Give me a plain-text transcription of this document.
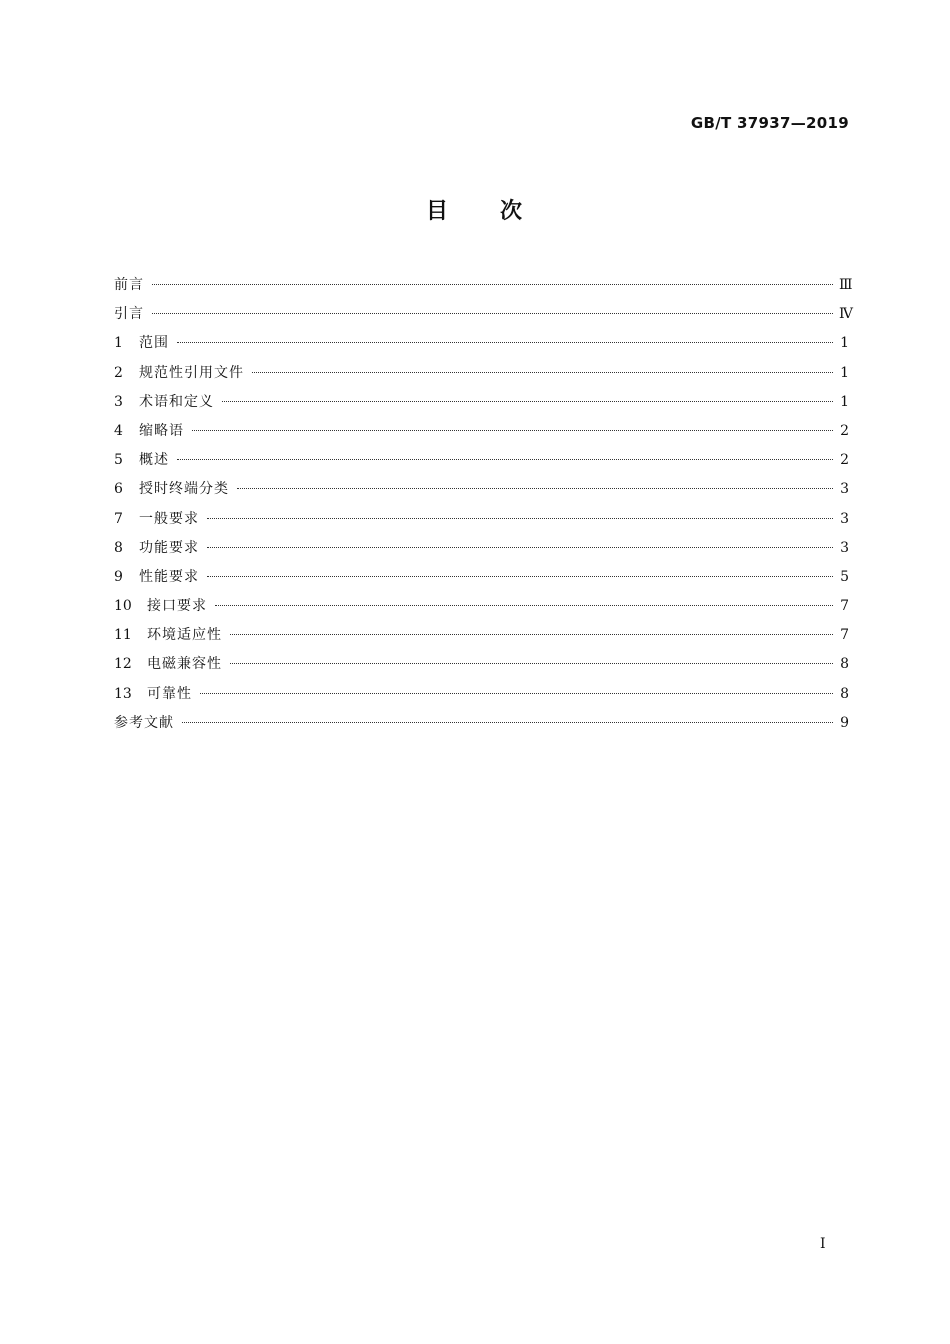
GB/T 37937—2019
目 次
前言	Ⅲ
引言	Ⅳ
1	范围	1
2	规范性引用文件	1
3	术语和定义	1
4	缩略语	2
5	概述	2
6	授时终端分类	3
7	一般要求	3
8	功能要求	3
9	性能要求	5
10	接口要求	7
11	环境适应性	7
12	电磁兼容性	8
13	可靠性	8
参考文献	9
I
